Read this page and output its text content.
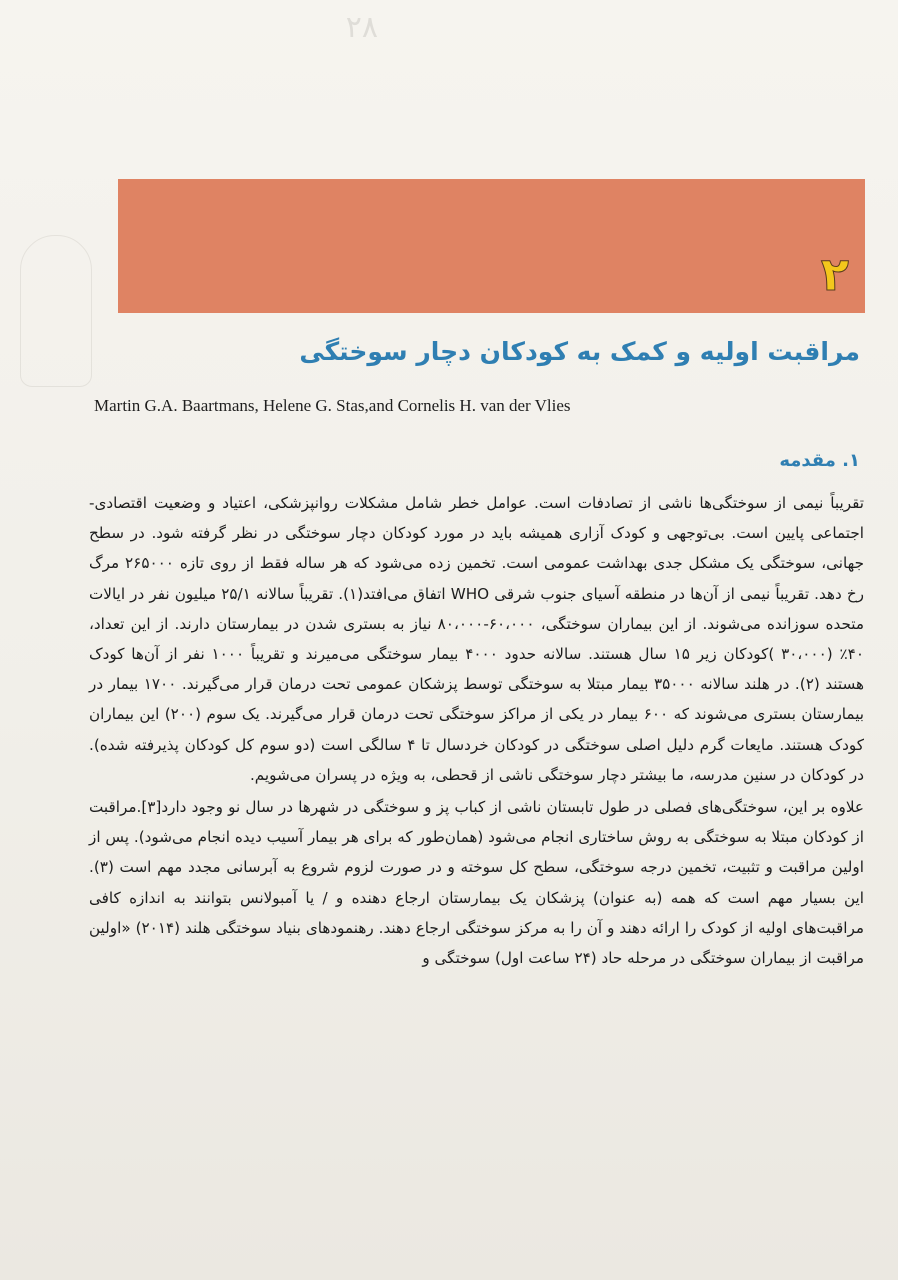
۲۸
۲
مراقبت اولیه و کمک به کودکان دچار سوختگی
Martin G.A. Baartmans, Helene G. Stas,and Cornelis H. van der Vlies
۱. مقدمه

تقریباً نیمی از سوختگی‌ها ناشی از تصادفات است. عوامل خطر شامل مشکلات روانپزشکی، اعتیاد و وضعیت اقتصادی-اجتماعی پایین است. بی‌توجهی و کودک آزاری همیشه باید در مورد کودکان دچار سوختگی در نظر گرفته شود. در سطح جهانی، سوختگی یک مشکل جدی بهداشت عمومی است. تخمین زده می‌شود که هر ساله فقط از روی تازه ۲۶۵۰۰۰ مرگ رخ دهد. تقریباً نیمی از آن‌ها در منطقه آسیای جنوب شرقی WHO اتفاق می‌افتد(۱). تقریباً سالانه ۲۵/۱ میلیون نفر در ایالات متحده سوزانده می‌شوند. از این بیماران سوختگی، ۶۰،۰۰۰-۸۰،۰۰۰ نیاز به بستری شدن در بیمارستان دارند. از این تعداد، ۴۰٪ (۳۰،۰۰۰ )کودکان زیر ۱۵ سال هستند. سالانه حدود ۴۰۰۰ بیمار سوختگی می‌میرند و تقریباً ۱۰۰۰ نفر از آن‌ها کودک هستند (۲). در هلند سالانه ۳۵۰۰۰ بیمار مبتلا به سوختگی توسط پزشکان عمومی تحت درمان قرار می‌گیرند. ۱۷۰۰ بیمار در بیمارستان بستری می‌شوند که ۶۰۰ بیمار در یکی از مراکز سوختگی تحت درمان قرار می‌گیرند. یک سوم (۲۰۰) این بیماران کودک هستند. مایعات گرم دلیل اصلی سوختگی در کودکان خردسال تا ۴ سالگی است (دو سوم کل کودکان پذیرفته شده). در کودکان در سنین مدرسه، ما بیشتر دچار سوختگی ناشی از قحطی، به ویژه در پسران می‌شویم.

علاوه بر این، سوختگی‌های فصلی در طول تابستان ناشی از کباب پز و سوختگی در شهرها در سال نو وجود دارد[۳].مراقبت از کودکان مبتلا به سوختگی به روش ساختاری انجام می‌شود (همان‌طور که برای هر بیمار آسیب دیده انجام می‌شود). پس از اولین مراقبت و تثبیت، تخمین درجه سوختگی، سطح کل سوخته و در صورت لزوم شروع به آبرسانی مجدد مهم است (۳). این بسیار مهم است که همه (به عنوان) پزشکان یک بیمارستان ارجاع دهنده و / یا آمبولانس بتوانند به اندازه کافی مراقبت‌های اولیه از کودک را ارائه دهند و آن را به مرکز سوختگی ارجاع دهند. رهنمودهای بنیاد سوختگی هلند (۲۰۱۴) «اولین مراقبت از بیماران سوختگی در مرحله حاد (۲۴ ساعت اول) سوختگی و
